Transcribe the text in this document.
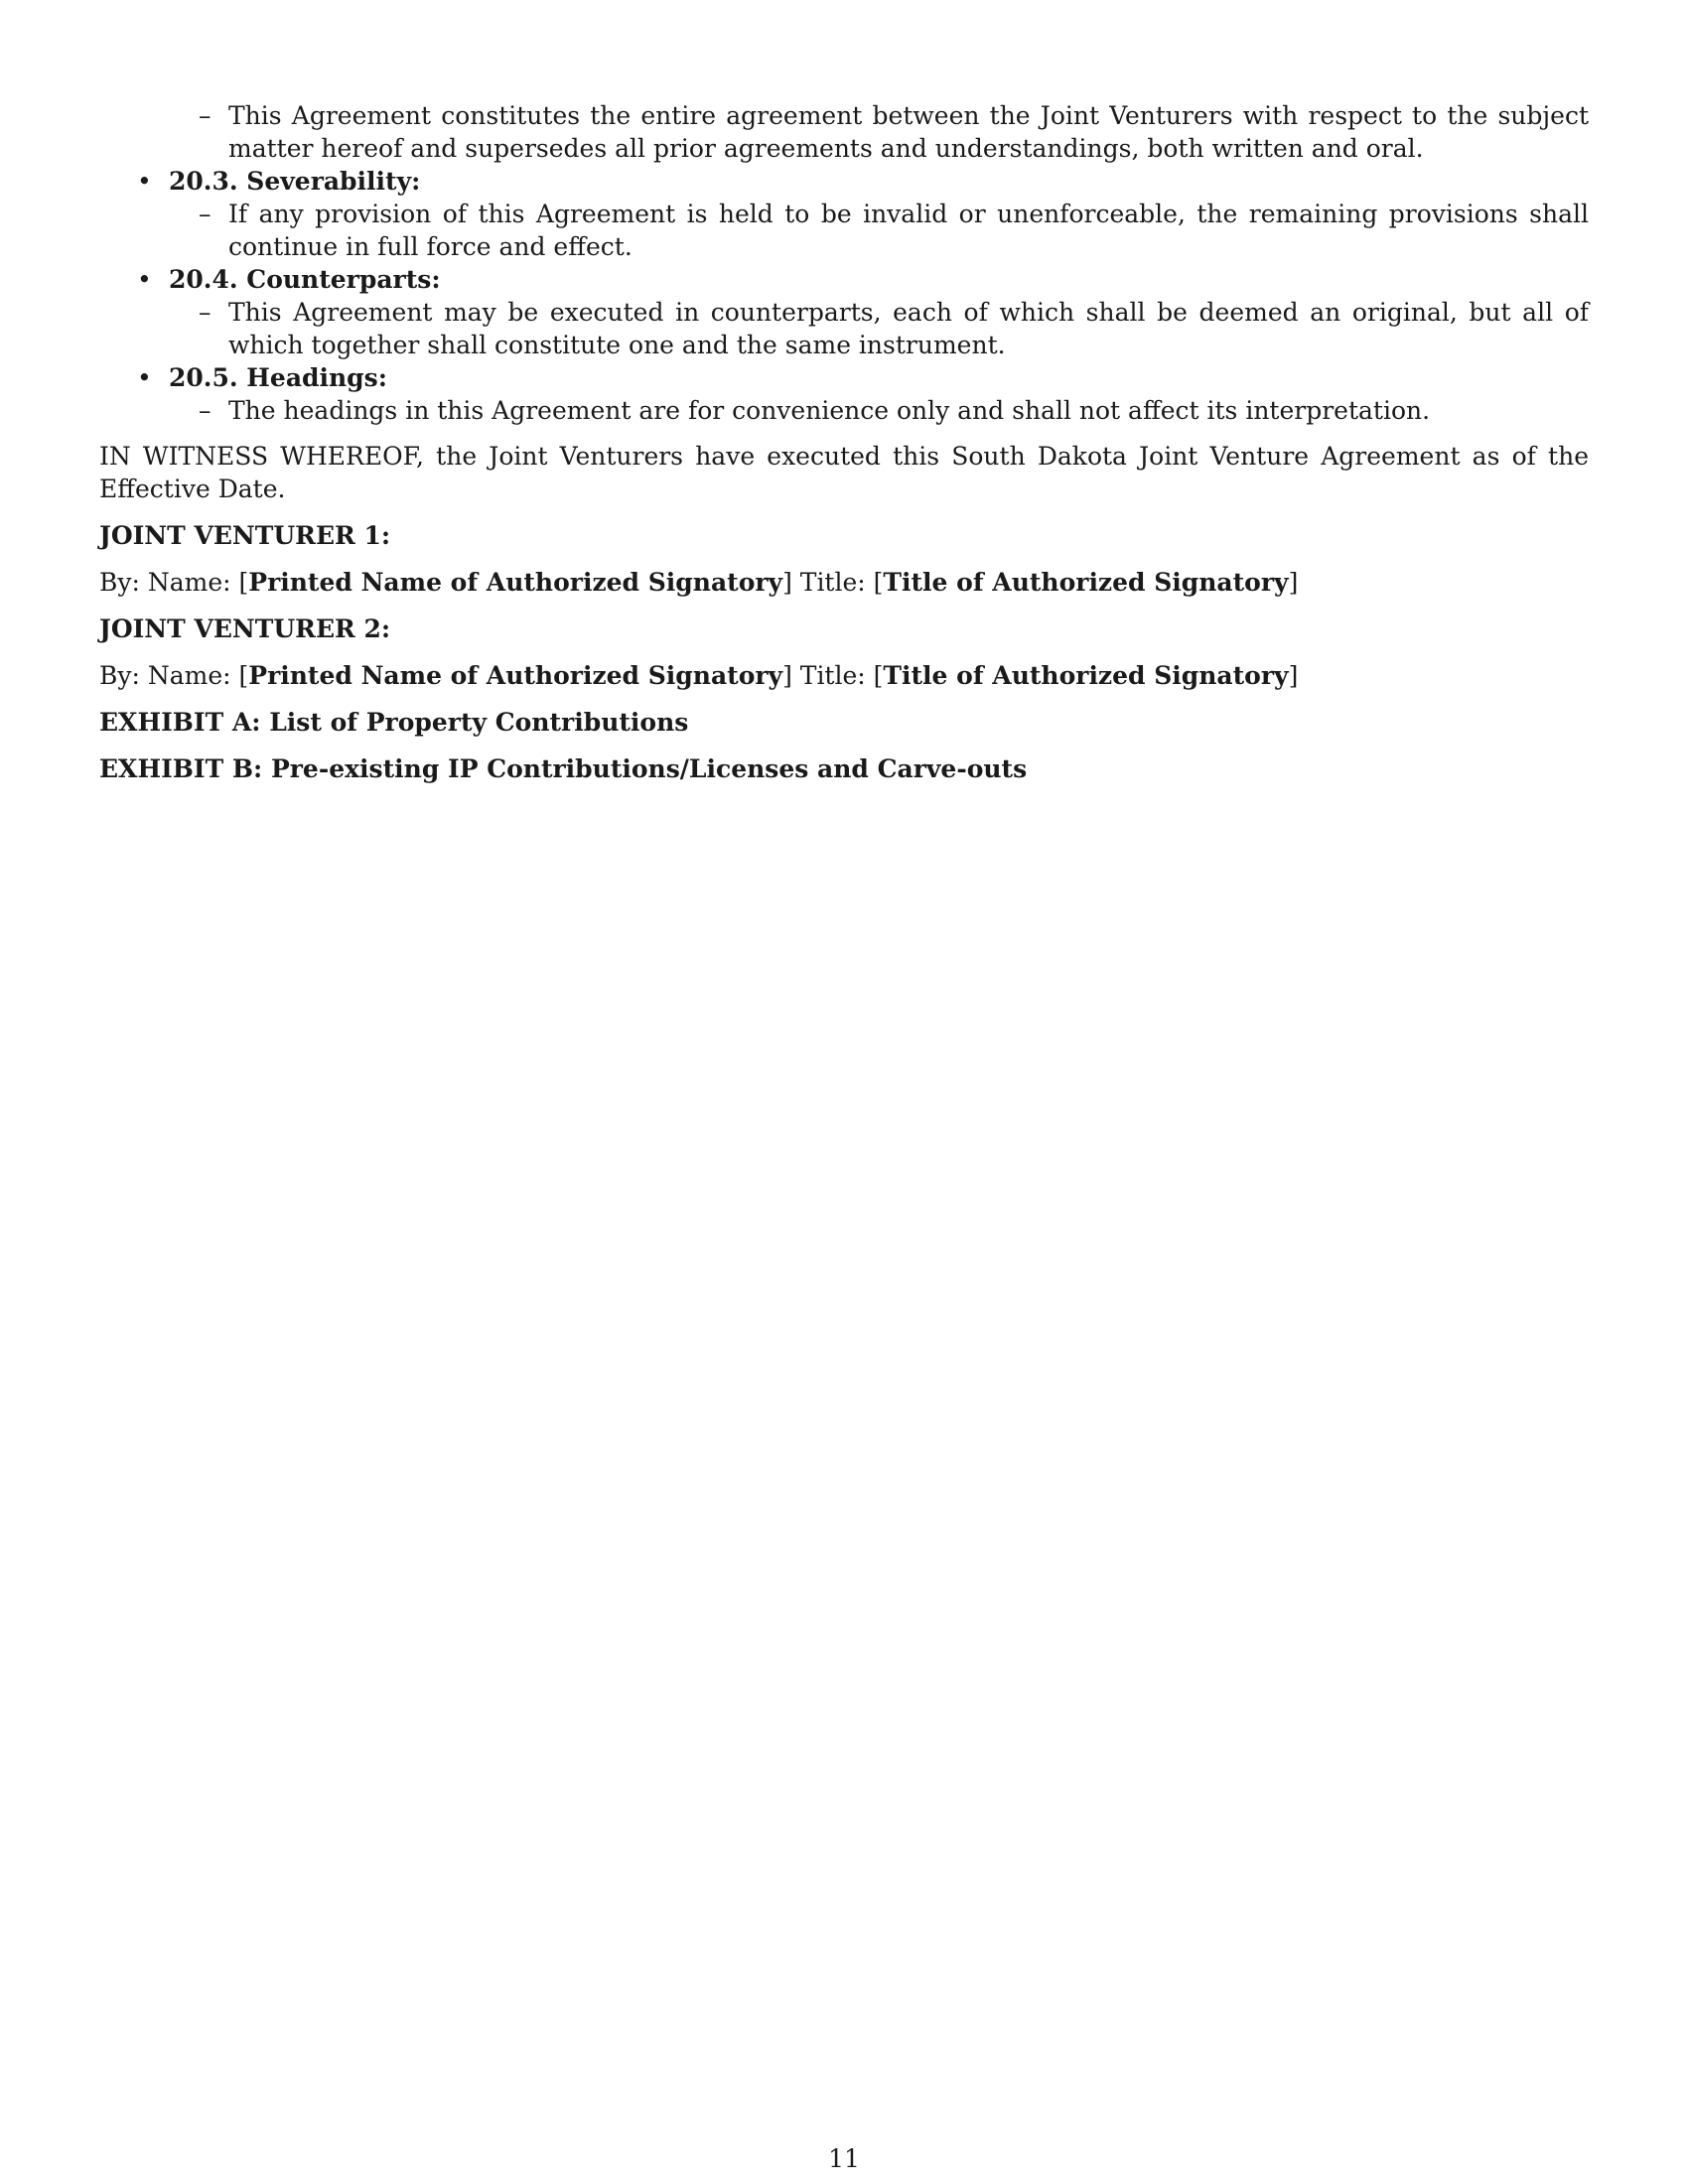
– This Agreement constitutes the entire agreement between the Joint Venturers with respect to the subject matter hereof and supersedes all prior agreements and understandings, both written and oral.

• 20.3. Severability:

– If any provision of this Agreement is held to be invalid or unenforceable, the remaining provisions shall continue in full force and effect.

• 20.4. Counterparts:

– This Agreement may be executed in counterparts, each of which shall be deemed an original, but all of which together shall constitute one and the same instrument.

• 20.5. Headings:

– The headings in this Agreement are for convenience only and shall not affect its interpretation.

IN WITNESS WHEREOF, the Joint Venturers have executed this South Dakota Joint Venture Agreement as of the Effective Date.

JOINT VENTURER 1:

By: Name: [Printed Name of Authorized Signatory] Title: [Title of Authorized Signatory]

JOINT VENTURER 2:

By: Name: [Printed Name of Authorized Signatory] Title: [Title of Authorized Signatory]

EXHIBIT A: List of Property Contributions

EXHIBIT B: Pre-existing IP Contributions/Licenses and Carve-outs

11
